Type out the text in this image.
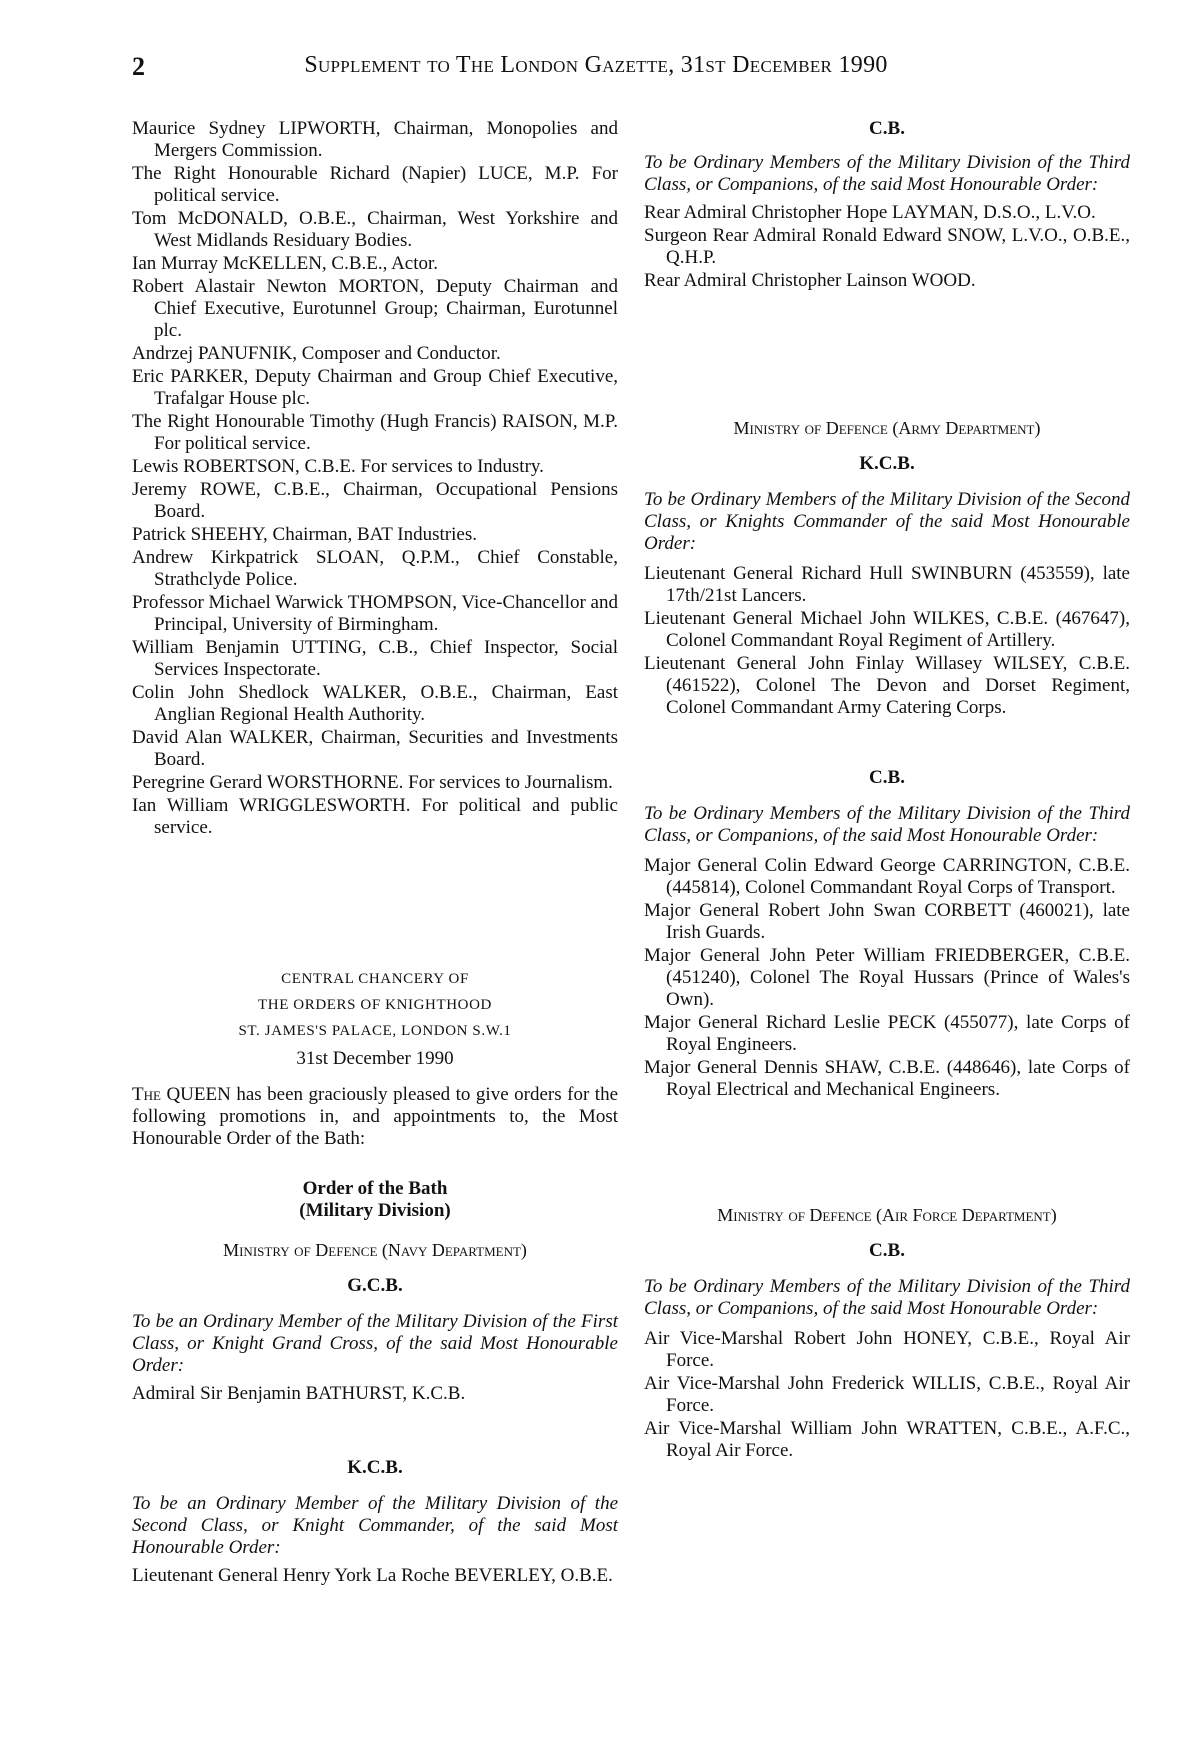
2	Supplement to The London Gazette, 31st December 1990

Maurice Sydney LIPWORTH, Chairman, Monopolies and Mergers Commission.

The Right Honourable Richard (Napier) LUCE, M.P. For political service.

Tom McDONALD, O.B.E., Chairman, West Yorkshire and West Midlands Residuary Bodies.

Ian Murray McKELLEN, C.B.E., Actor.

Robert Alastair Newton MORTON, Deputy Chairman and Chief Executive, Eurotunnel Group; Chairman, Eurotunnel plc.

Andrzej PANUFNIK, Composer and Conductor.

Eric PARKER, Deputy Chairman and Group Chief Executive, Trafalgar House plc.

The Right Honourable Timothy (Hugh Francis) RAISON, M.P. For political service.

Lewis ROBERTSON, C.B.E. For services to Industry.

Jeremy ROWE, C.B.E., Chairman, Occupational Pensions Board.

Patrick SHEEHY, Chairman, BAT Industries.

Andrew Kirkpatrick SLOAN, Q.P.M., Chief Constable, Strathclyde Police.

Professor Michael Warwick THOMPSON, Vice-Chancellor and Principal, University of Birmingham.

William Benjamin UTTING, C.B., Chief Inspector, Social Services Inspectorate.

Colin John Shedlock WALKER, O.B.E., Chairman, East Anglian Regional Health Authority.

David Alan WALKER, Chairman, Securities and Investments Board.

Peregrine Gerard WORSTHORNE. For services to Journalism.

Ian William WRIGGLESWORTH. For political and public service.

CENTRAL CHANCERY OF
THE ORDERS OF KNIGHTHOOD
ST. JAMES'S PALACE, LONDON S.W.1

31st December 1990

The QUEEN has been graciously pleased to give orders for the following promotions in, and appointments to, the Most Honourable Order of the Bath:

Order of the Bath

(Military Division)

Ministry of Defence (Navy Department)

G.C.B.

To be an Ordinary Member of the Military Division of the First Class, or Knight Grand Cross, of the said Most Honourable Order:

Admiral Sir Benjamin BATHURST, K.C.B.

K.C.B.

To be an Ordinary Member of the Military Division of the Second Class, or Knight Commander, of the said Most Honourable Order:

Lieutenant General Henry York La Roche BEVERLEY, O.B.E.

C.B.

To be Ordinary Members of the Military Division of the Third Class, or Companions, of the said Most Honourable Order:

Rear Admiral Christopher Hope LAYMAN, D.S.O., L.V.O.

Surgeon Rear Admiral Ronald Edward SNOW, L.V.O., O.B.E., Q.H.P.

Rear Admiral Christopher Lainson WOOD.

Ministry of Defence (Army Department)

K.C.B.

To be Ordinary Members of the Military Division of the Second Class, or Knights Commander of the said Most Honourable Order:

Lieutenant General Richard Hull SWINBURN (453559), late 17th/21st Lancers.

Lieutenant General Michael John WILKES, C.B.E. (467647), Colonel Commandant Royal Regiment of Artillery.

Lieutenant General John Finlay Willasey WILSEY, C.B.E. (461522), Colonel The Devon and Dorset Regiment, Colonel Commandant Army Catering Corps.

C.B.

To be Ordinary Members of the Military Division of the Third Class, or Companions, of the said Most Honourable Order:

Major General Colin Edward George CARRINGTON, C.B.E. (445814), Colonel Commandant Royal Corps of Transport.

Major General Robert John Swan CORBETT (460021), late Irish Guards.

Major General John Peter William FRIEDBERGER, C.B.E. (451240), Colonel The Royal Hussars (Prince of Wales's Own).

Major General Richard Leslie PECK (455077), late Corps of Royal Engineers.

Major General Dennis SHAW, C.B.E. (448646), late Corps of Royal Electrical and Mechanical Engineers.

Ministry of Defence (Air Force Department)

C.B.

To be Ordinary Members of the Military Division of the Third Class, or Companions, of the said Most Honourable Order:

Air Vice-Marshal Robert John HONEY, C.B.E., Royal Air Force.

Air Vice-Marshal John Frederick WILLIS, C.B.E., Royal Air Force.

Air Vice-Marshal William John WRATTEN, C.B.E., A.F.C., Royal Air Force.
